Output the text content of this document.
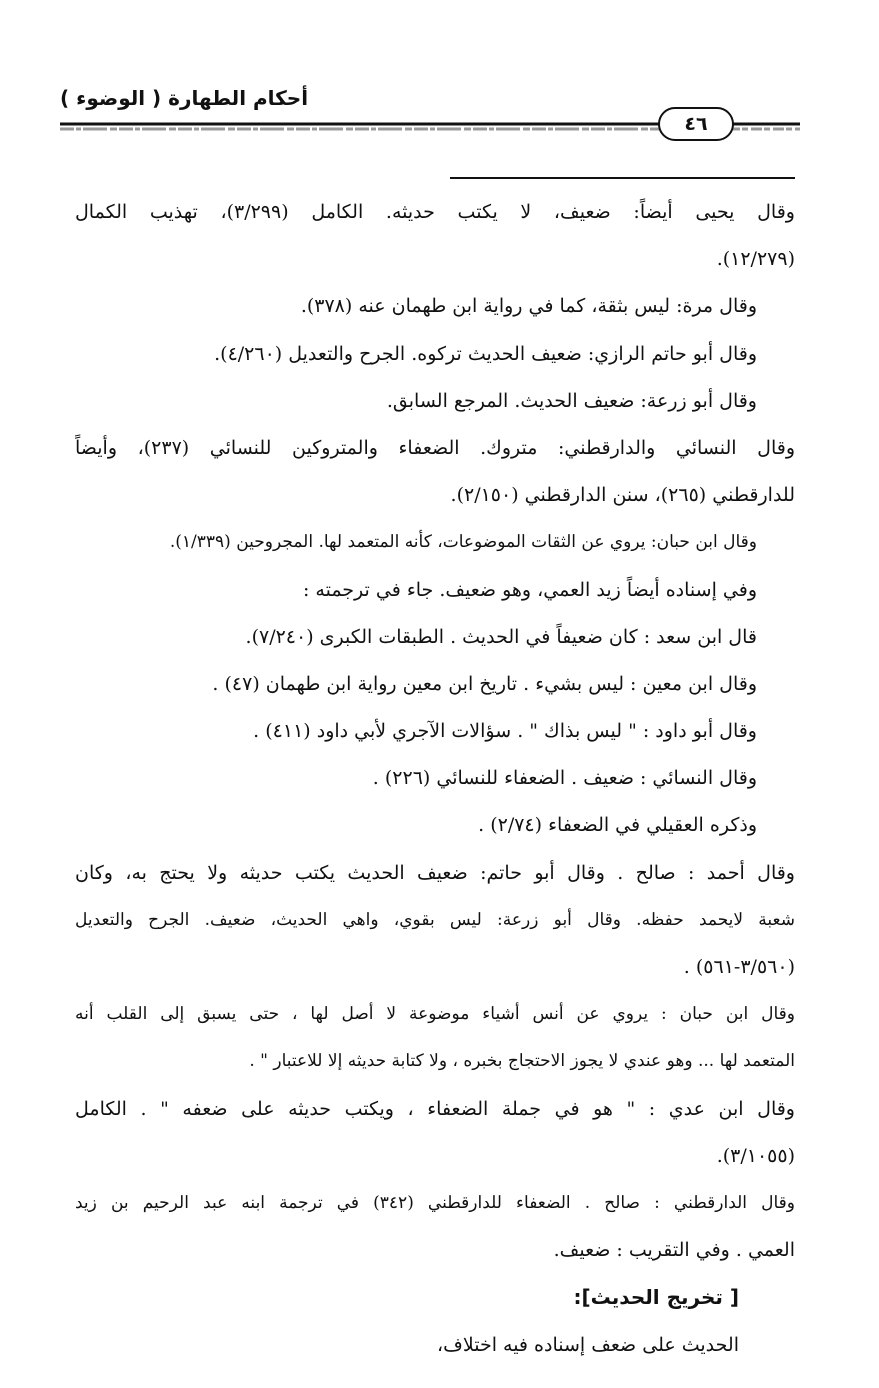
أحكام الطهارة ( الوضوء )
٤٦
وقال يحيى أيضاً: ضعيف، لا يكتب حديثه. الكامل (٣/٢٩٩)، تهذيب الكمال
(١٢/٢٧٩).
وقال مرة: ليس بثقة، كما في رواية ابن طهمان عنه (٣٧٨).
وقال أبو حاتم الرازي: ضعيف الحديث تركوه. الجرح والتعديل (٤/٢٦٠).
وقال أبو زرعة: ضعيف الحديث. المرجع السابق.
وقال النسائي والدارقطني: متروك. الضعفاء والمتروكين للنسائي (٢٣٧)، وأيضاً
للدارقطني (٢٦٥)، سنن الدارقطني (٢/١٥٠).
وقال ابن حبان: يروي عن الثقات الموضوعات، كأنه المتعمد لها. المجروحين (١/٣٣٩).
وفي إسناده أيضاً زيد العمي، وهو ضعيف. جاء في ترجمته :
قال ابن سعد : كان ضعيفاً في الحديث . الطبقات الكبرى (٧/٢٤٠).
وقال ابن معين : ليس بشيء . تاريخ ابن معين رواية ابن طهمان (٤٧) .
وقال أبو داود : " ليس بذاك " . سؤالات الآجري لأبي داود (٤١١) .
وقال النسائي : ضعيف . الضعفاء للنسائي (٢٢٦) .
وذكره العقيلي في الضعفاء (٢/٧٤) .
وقال أحمد : صالح . وقال أبو حاتم: ضعيف الحديث يكتب حديثه ولا يحتج به، وكان
شعبة لايحمد حفظه. وقال أبو زرعة: ليس بقوي، واهي الحديث، ضعيف. الجرح والتعديل
(٣/٥٦٠-٥٦١) .
وقال ابن حبان : يروي عن أنس أشياء موضوعة لا أصل لها ، حتى يسبق إلى القلب أنه
المتعمد لها ... وهو عندي لا يجوز الاحتجاج بخبره ، ولا كتابة حديثه إلا للاعتبار " .
وقال ابن عدي : " هو في جملة الضعفاء ، ويكتب حديثه على ضعفه " . الكامل
(٣/١٠٥٥).
وقال الدارقطني : صالح . الضعفاء للدارقطني (٣٤٢) في ترجمة ابنه عبد الرحيم بن زيد
العمي . وفي التقريب : ضعيف.
[ تخريج الحديث]:
الحديث على ضعف إسناده فيه اختلاف،
